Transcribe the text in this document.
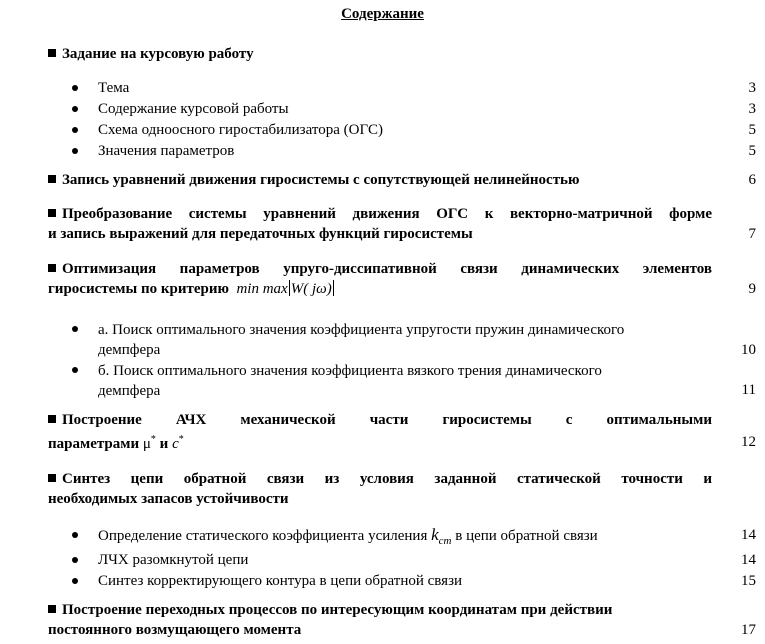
Содержание
Задание на курсовую работу
Тема	3
Содержание курсовой работы	3
Схема одноосного гиростабилизатора (ОГС)	5
Значения параметров	5
Запись уравнений движения гиросистемы с сопутствующей нелинейностью	6
Преобразование системы уравнений движения ОГС к векторно-матричной форме
и запись выражений для передаточных функций гиросистемы	7
Оптимизация параметров упруго-диссипативной связи динамических элементов
гиросистемы по критерию min max W( jω)	9
а. Поиск оптимального значения коэффициента упругости пружин динамического
демпфера	10
б. Поиск оптимального значения коэффициента вязкого трения динамического
демпфера	11
Построение АЧХ механической части гиросистемы с оптимальными
параметрами μ* и c*	12
Синтез цепи обратной связи из условия заданной статической точности и
необходимых запасов устойчивости
Определение статического коэффициента усиления $k_{ст}$ в цепи обратной связи	14
ЛЧХ разомкнутой цепи	14
Синтез корректирующего контура в цепи обратной связи	15
Построение переходных процессов по интересующим координатам при действии
постоянного возмущающего момента	17
